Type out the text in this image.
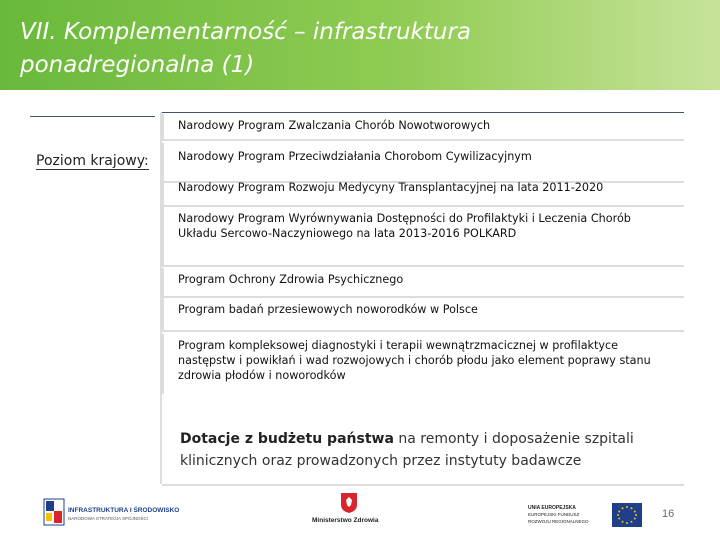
VII. Komplementarność – infrastruktura ponadregionalna (1)
Poziom krajowy:
Narodowy Program Zwalczania Chorób Nowotworowych
Narodowy Program Przeciwdziałania Chorobom Cywilizacyjnym
Narodowy Program Rozwoju Medycyny Transplantacyjnej na lata 2011-2020
Narodowy Program Wyrównywania Dostępności do Profilaktyki i Leczenia Chorób Układu Sercowo-Naczyniowego na lata 2013-2016 POLKARD
Program Ochrony Zdrowia Psychicznego
Program badań przesiewowych noworodków w Polsce
Program kompleksowej diagnostyki i terapii wewnątrzmacicznej w profilaktyce następstw i powikłań i wad rozwojowych i chorób płodu jako element poprawy stanu zdrowia płodów i noworodków
Dotacje z budżetu państwa na remonty i doposażenie szpitali klinicznych oraz prowadzonych przez instytuty badawcze
INFRASTRUKTURA I ŚRODOWISKO
NARODOWA STRATEGIA SPÓJNOŚCI	Ministerstwo Zdrowia
UNIA EUROPEJSKA
EUROPEJSKI FUNDUSZ
ROZWOJU REGIONALNEGO
16
